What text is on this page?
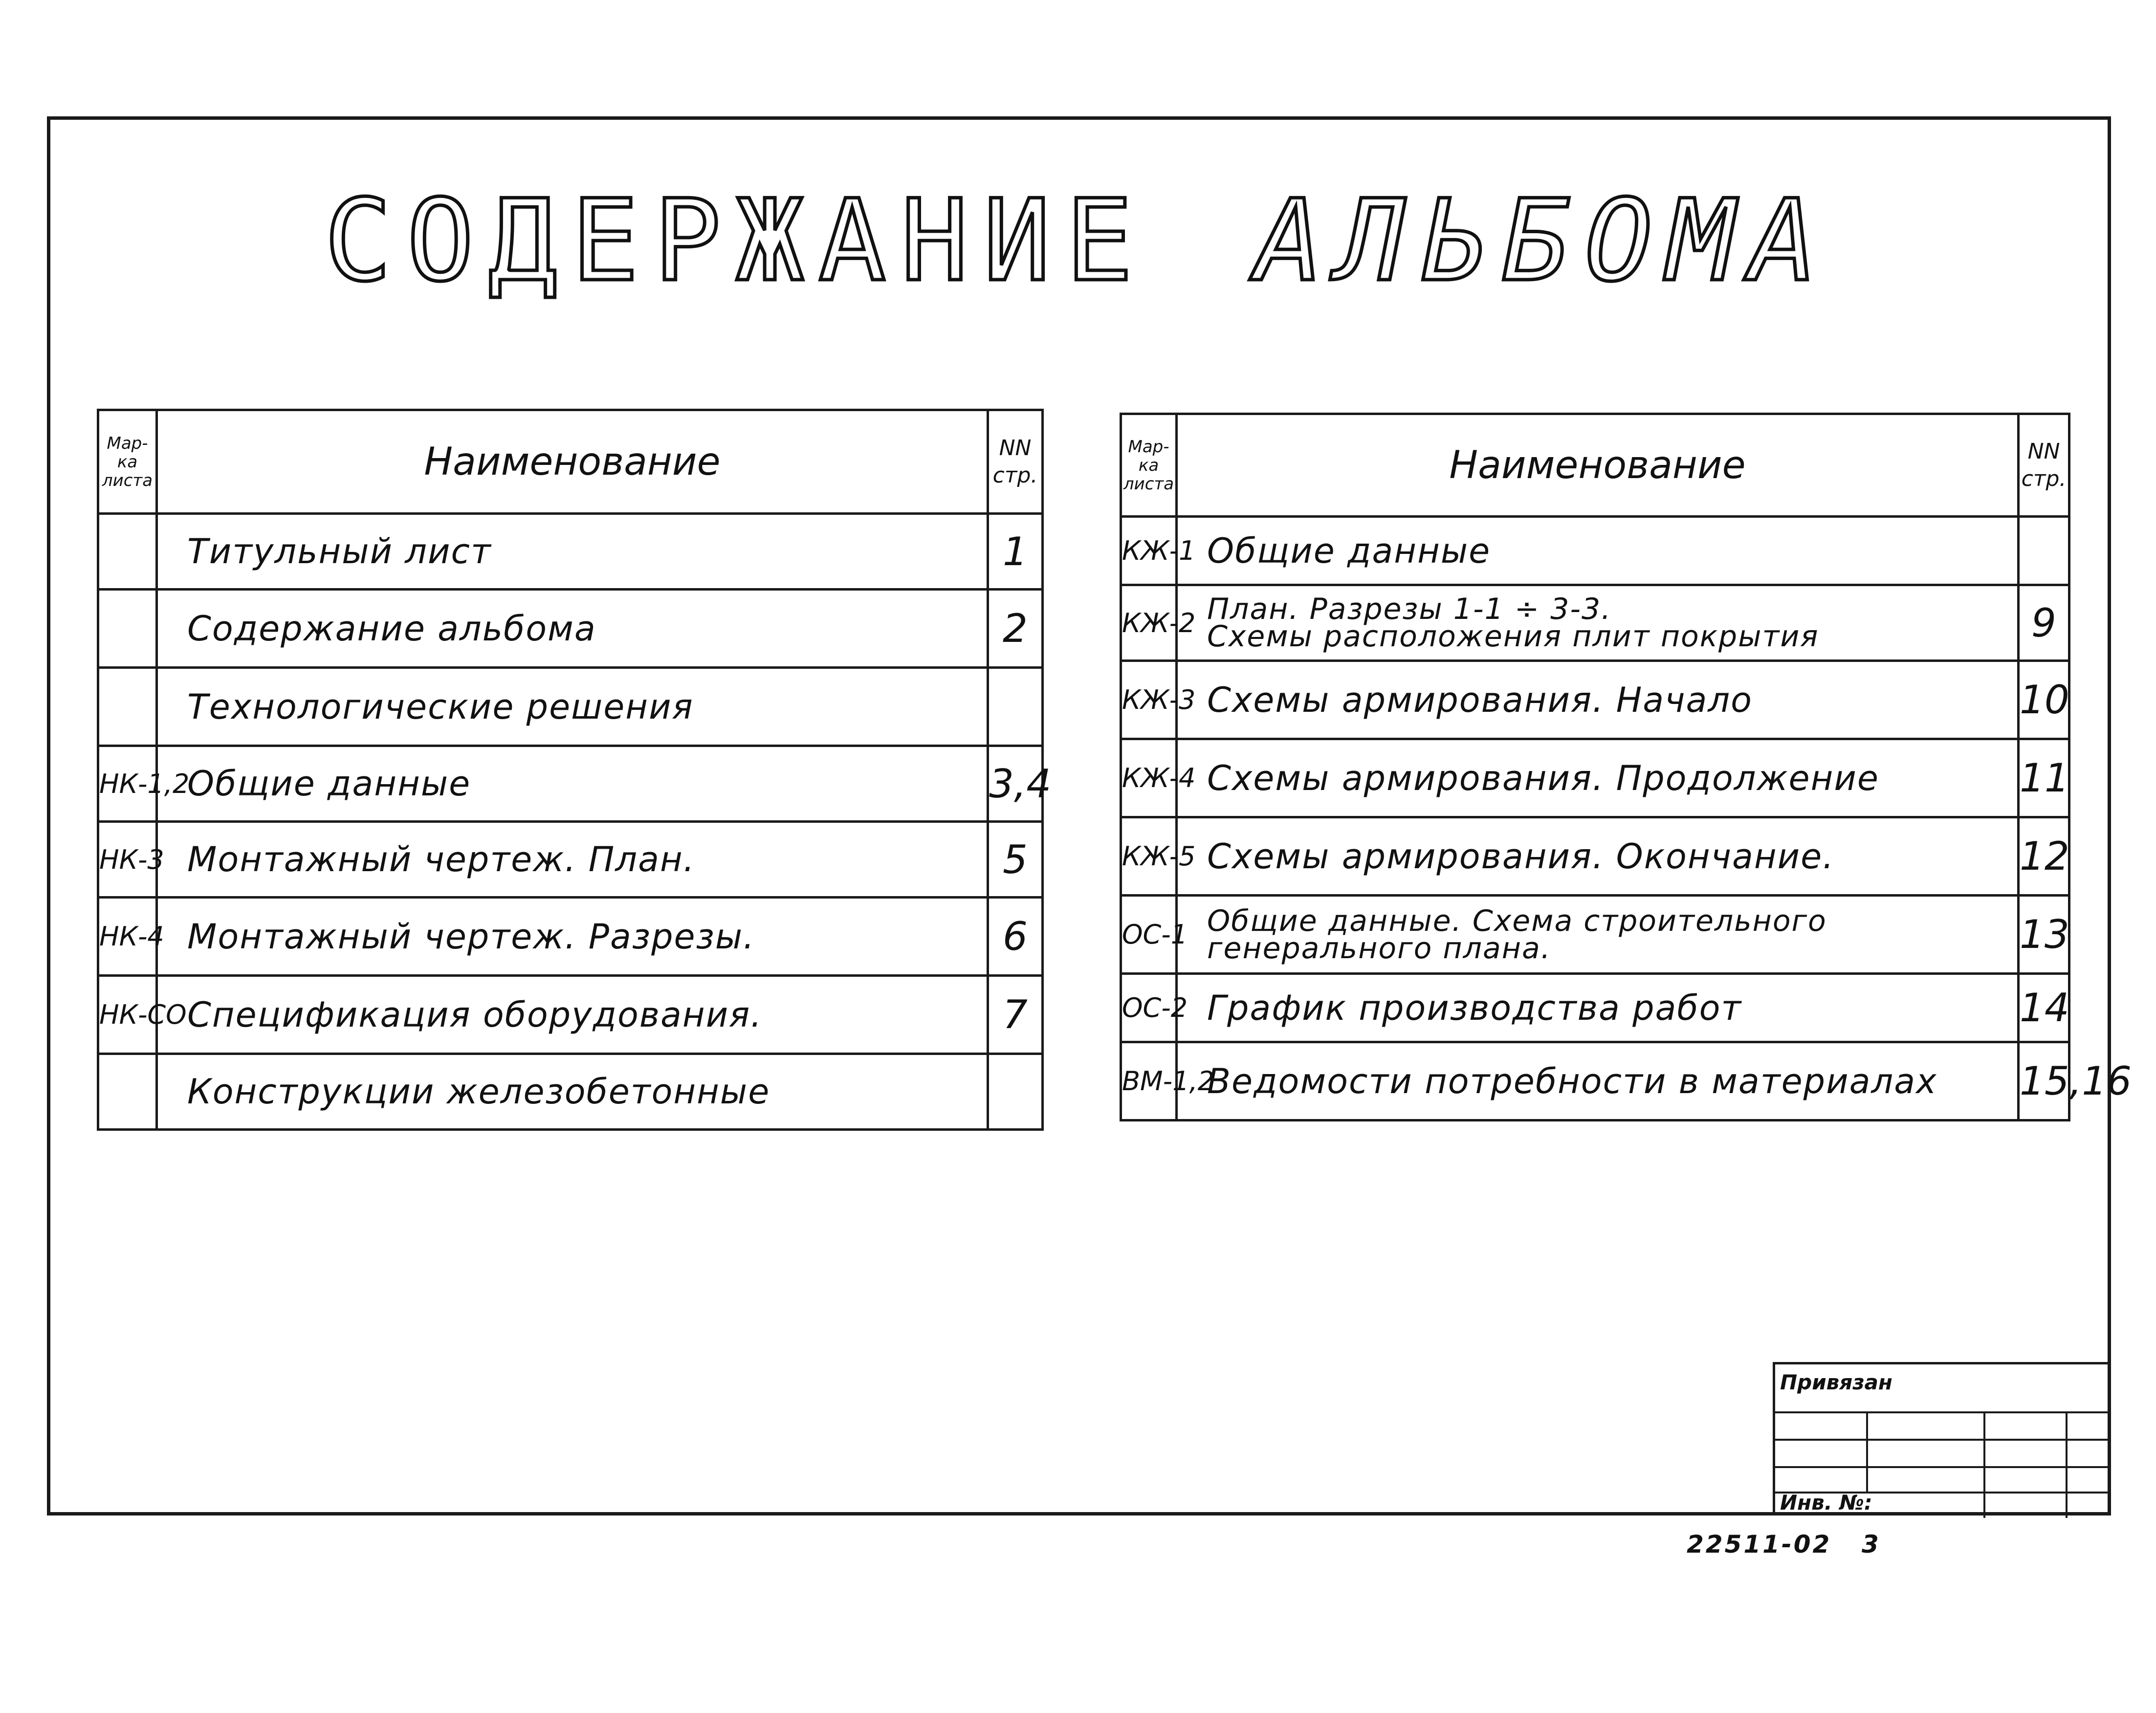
СОДЕРЖАНИЕ АЛЬБОМА
Мар- ка листа	Наименование	NN стр.
	Титульный лист	1
	Содержание альбома	2
	Технологические решения	
НК-1,2	Общие данные	3,4
НК-3	Монтажный чертеж. План.	5
НК-4	Монтажный чертеж. Разрезы.	6
НК-СО	Спецификация оборудования.	7
	Конструкции железобетонные	
Мар- ка листа	Наименование	NN стр.
КЖ-1	Общие данные	
КЖ-2	План. Разрезы 1-1 ÷ 3-3.
Схемы расположения плит покрытия	9
КЖ-3	Схемы армирования. Начало	10
КЖ-4	Схемы армирования. Продолжение	11
КЖ-5	Схемы армирования. Окончание.	12
ОС-1	Общие данные. Схема строительного
генерального плана.	13
ОС-2	График производства работ	14
ВМ-1,2	Ведомости потребности в материалах	15,16
Привязан
Инв. №:
22511-02 3
